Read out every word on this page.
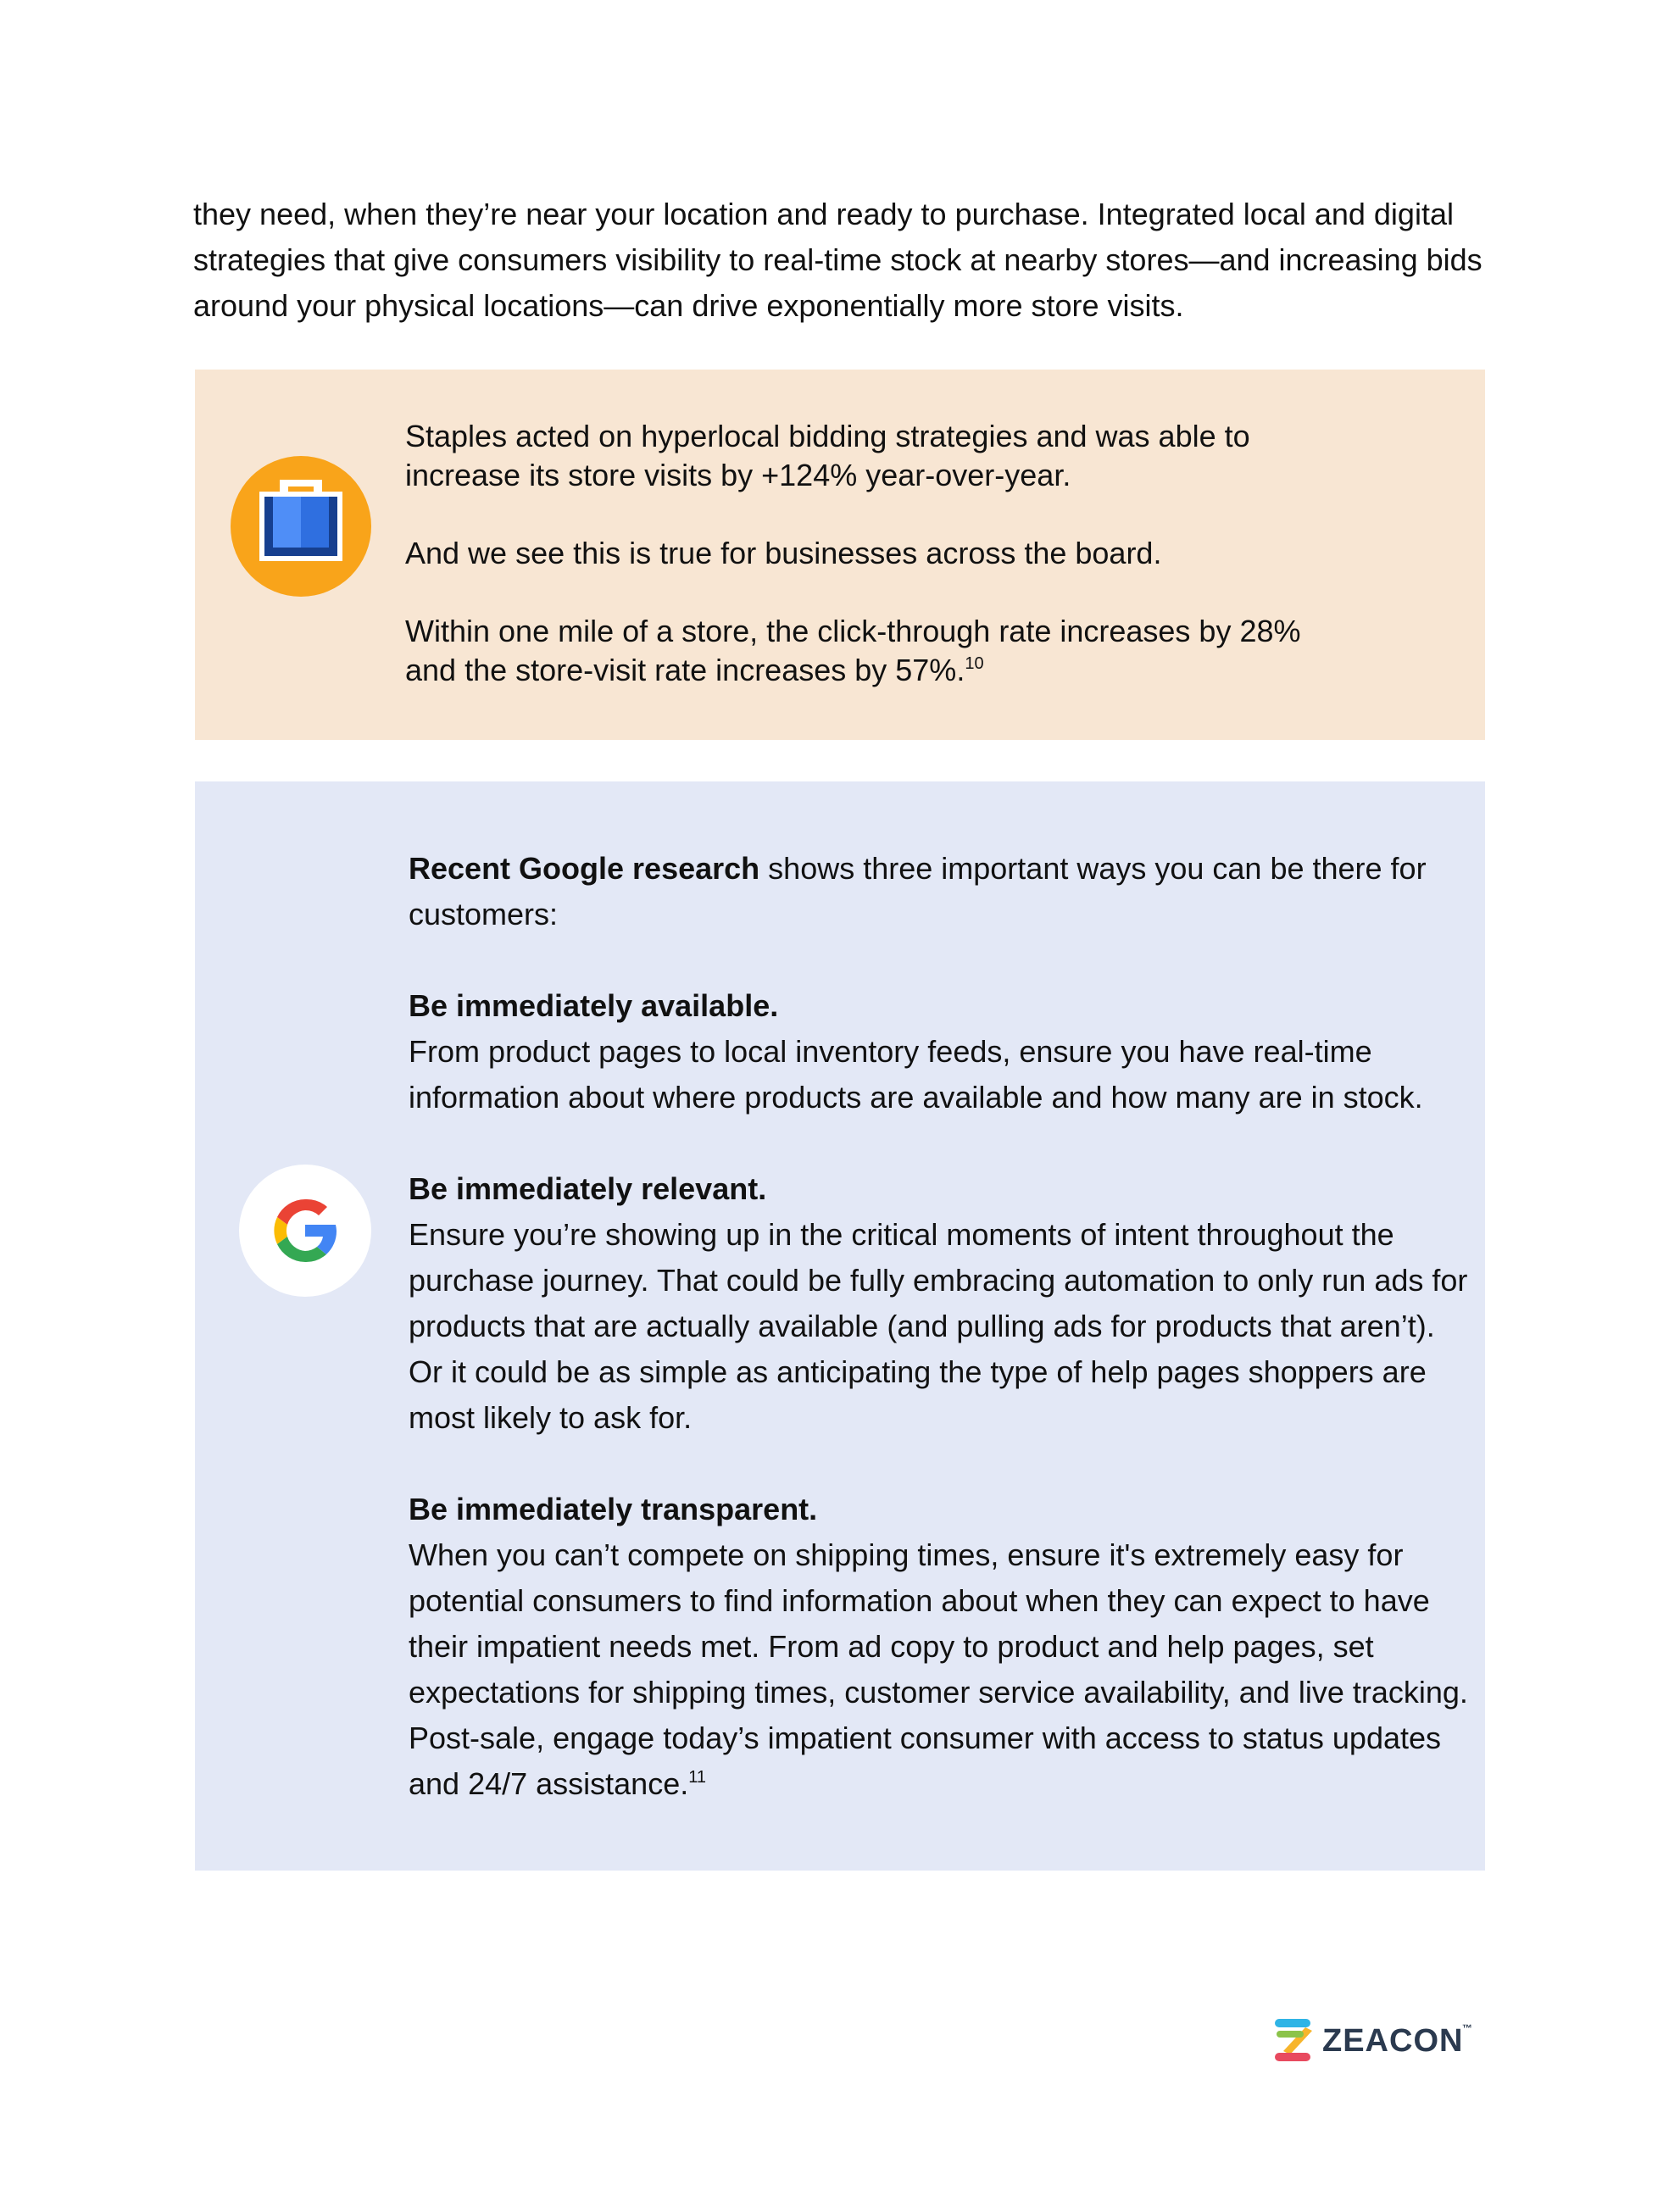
they need, when they’re near your location and ready to purchase. Integrated local and digital strategies that give consumers visibility to real-time stock at nearby stores—and increasing bids around your physical locations—can drive exponentially more store visits.

Staples acted on hyperlocal bidding strategies and was able to increase its store visits by +124% year-over-year.

And we see this is true for businesses across the board.

Within one mile of a store, the click-through rate increases by 28% and the store-visit rate increases by 57%.$^{10}$

Recent Google research shows three important ways you can be there for customers:

Be immediately available.
From product pages to local inventory feeds, ensure you have real-time information about where products are available and how many are in stock.

Be immediately relevant.
Ensure you’re showing up in the critical moments of intent throughout the purchase journey. That could be fully embracing automation to only run ads for products that are actually available (and pulling ads for products that aren’t). Or it could be as simple as anticipating the type of help pages shoppers are most likely to ask for.

Be immediately transparent.
When you can’t compete on shipping times, ensure it's extremely easy for potential consumers to find information about when they can expect to have their impatient needs met. From ad copy to product and help pages, set expectations for shipping times, customer service availability, and live tracking. Post-sale, engage today’s impatient consumer with access to status updates and 24/7 assistance.$^{11}$

ZEACON
™
